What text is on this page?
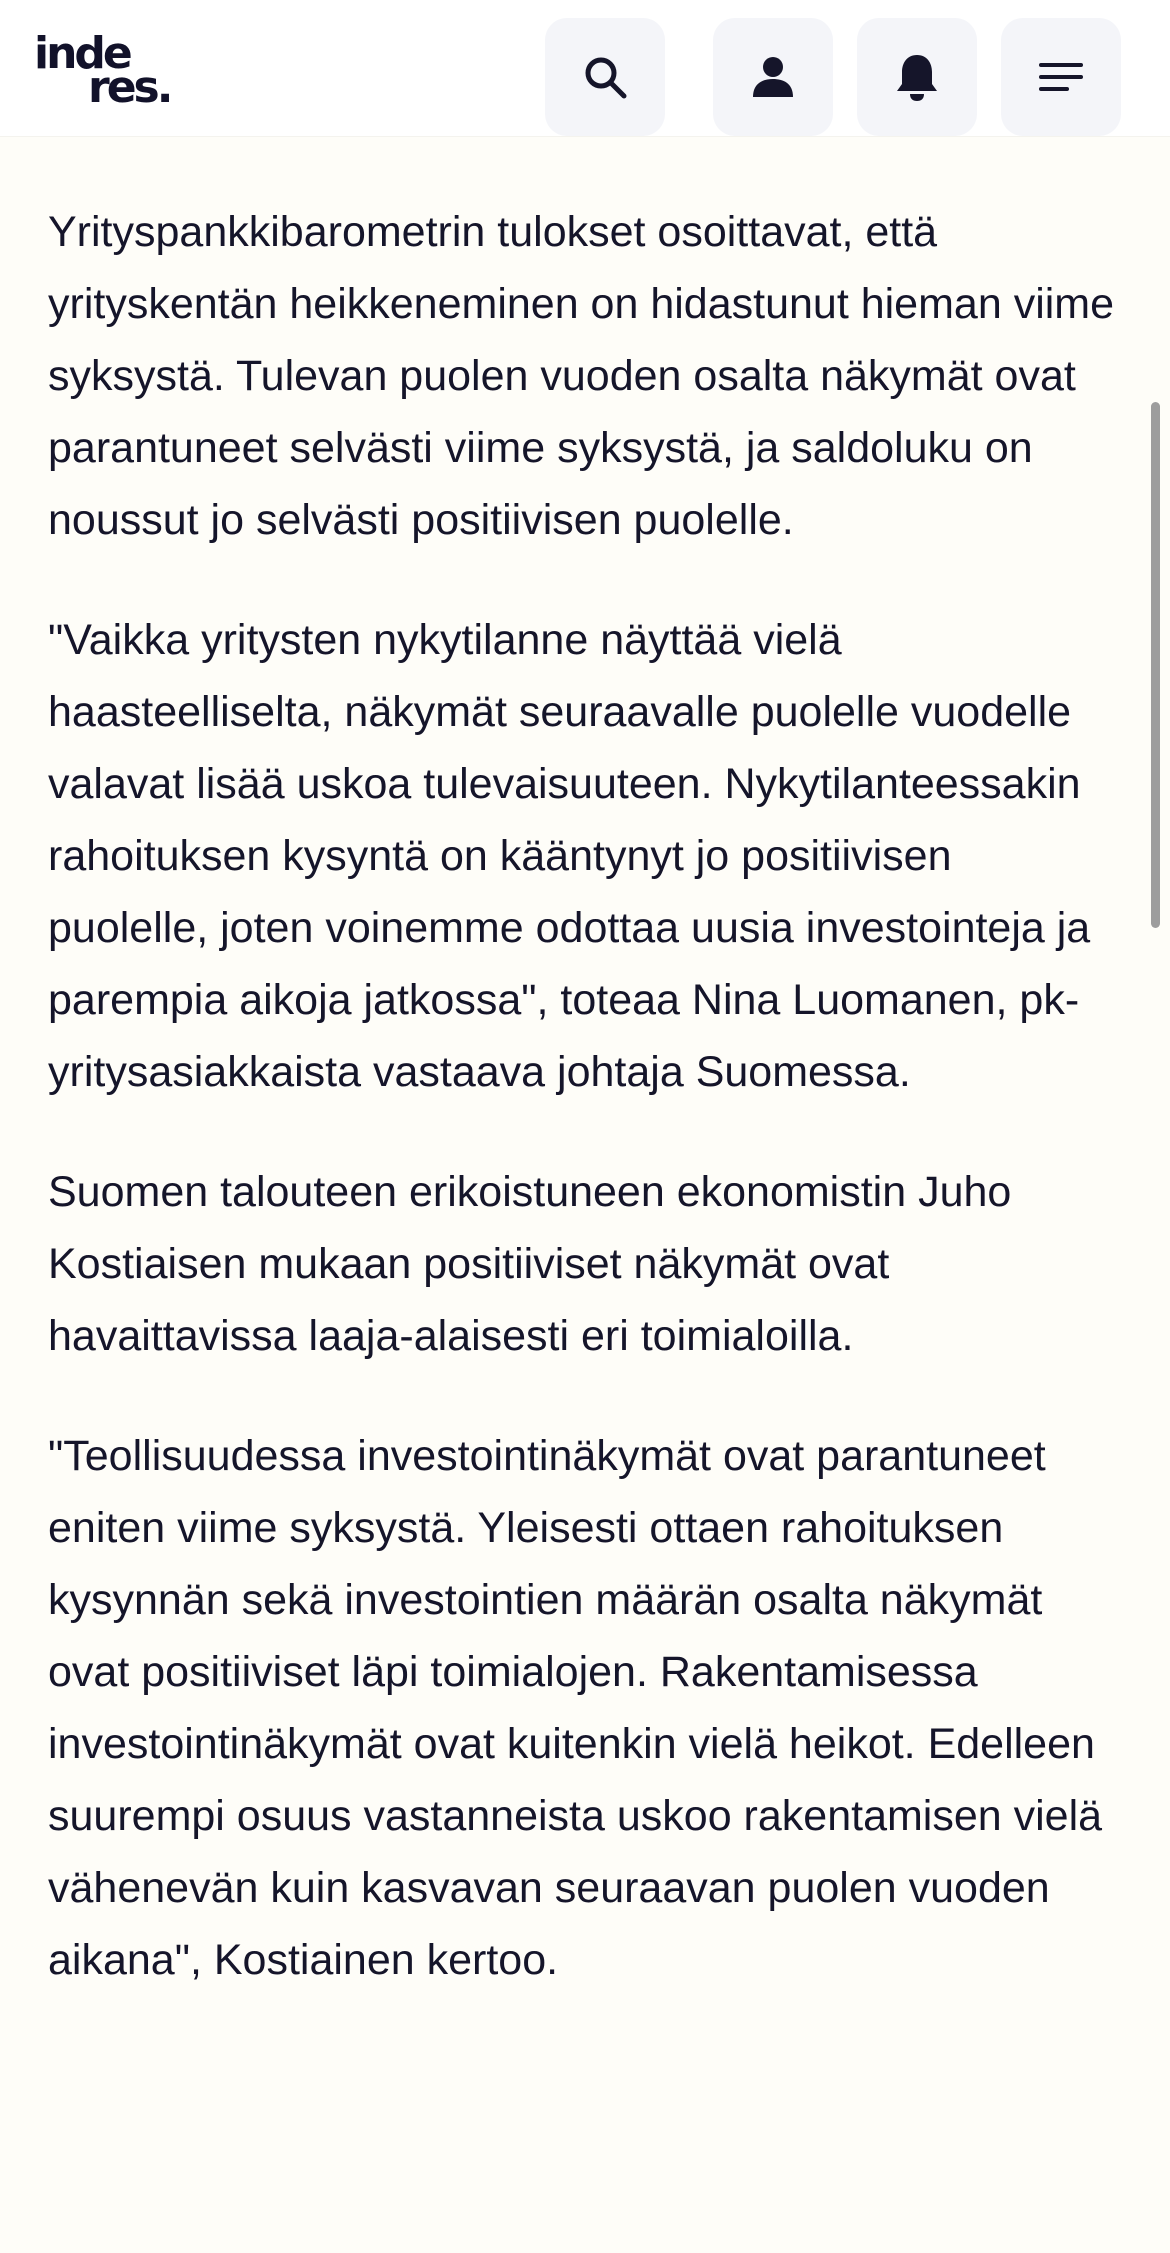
inde
res.

Yrityspankkibarometrin tulokset osoittavat, että yrityskentän heikkeneminen on hidastunut hieman viime syksystä. Tulevan puolen vuoden osalta näkymät ovat parantuneet selvästi viime syksystä, ja saldoluku on noussut jo selvästi positiivisen puolelle.

"Vaikka yritysten nykytilanne näyttää vielä haasteelliselta, näkymät seuraavalle puolelle vuodelle valavat lisää uskoa tulevaisuuteen. Nykytilanteessakin rahoituksen kysyntä on kääntynyt jo positiivisen puolelle, joten voinemme odottaa uusia investointeja ja parempia aikoja jatkossa", toteaa Nina Luomanen, pk-yritysasiakkaista vastaava johtaja Suomessa.

Suomen talouteen erikoistuneen ekonomistin Juho Kostiaisen mukaan positiiviset näkymät ovat havaittavissa laaja-alaisesti eri toimialoilla.

"Teollisuudessa investointinäkymät ovat parantuneet eniten viime syksystä. Yleisesti ottaen rahoituksen kysynnän sekä investointien määrän osalta näkymät ovat positiiviset läpi toimialojen. Rakentamisessa investointinäkymät ovat kuitenkin vielä heikot. Edelleen suurempi osuus vastanneista uskoo rakentamisen vielä vähenevän kuin kasvavan seuraavan puolen vuoden aikana", Kostiainen kertoo.
